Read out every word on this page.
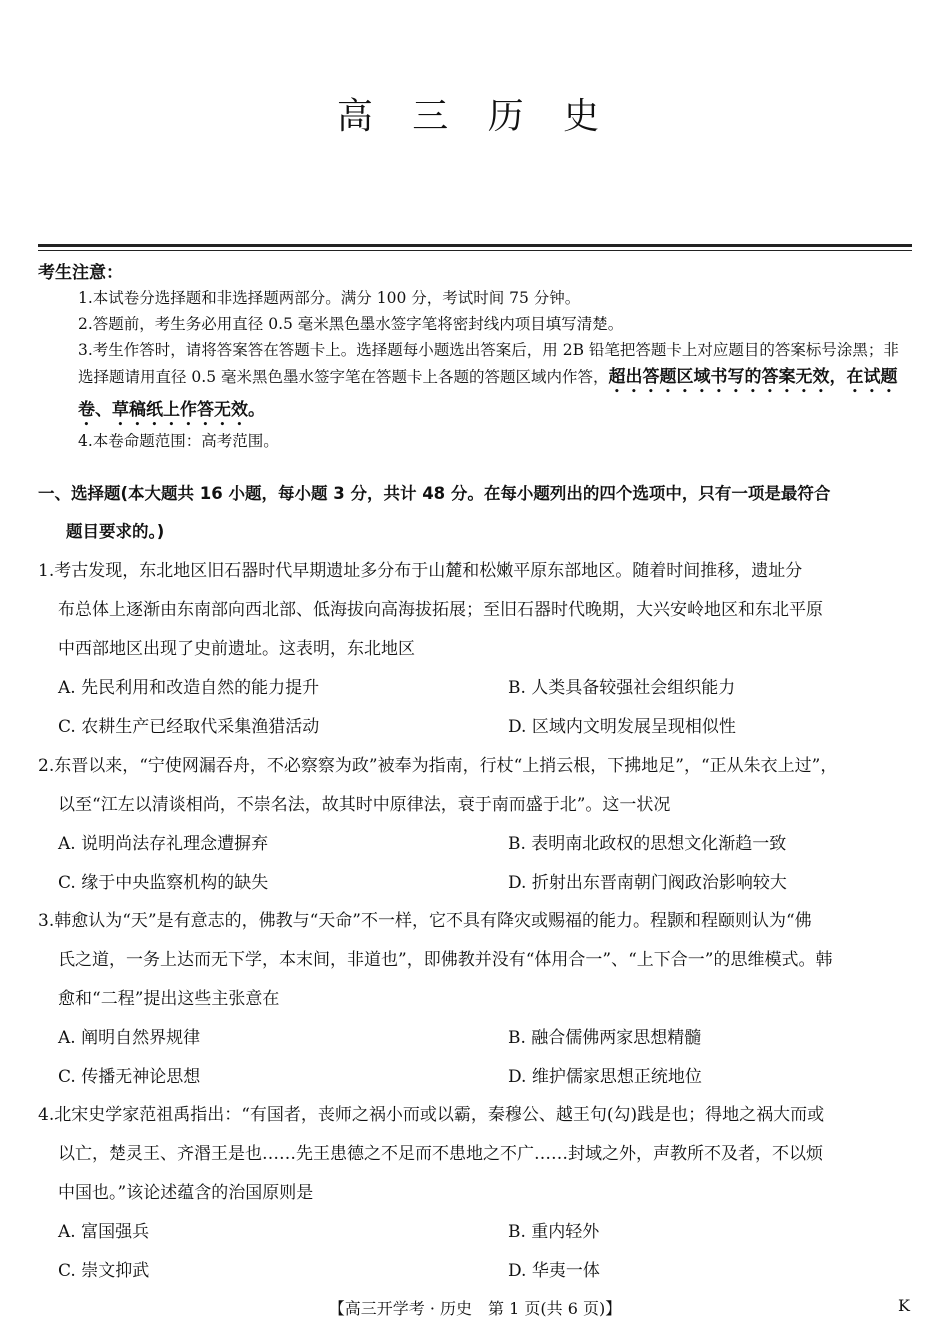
高 三 历 史
考生注意：
1.本试卷分选择题和非选择题两部分。满分 100 分，考试时间 75 分钟。
2.答题前，考生务必用直径 0.5 毫米黑色墨水签字笔将密封线内项目填写清楚。
3.考生作答时，请将答案答在答题卡上。选择题每小题选出答案后，用 2B 铅笔把答题卡上对应题目的答案标号涂黑；非选择题请用直径 0.5 毫米黑色墨水签字笔在答题卡上各题的答题区域内作答，超出答题区域书写的答案无效，在试题卷、草稿纸上作答无效。
4.本卷命题范围：高考范围。
一、选择题(本大题共 16 小题，每小题 3 分，共计 48 分。在每小题列出的四个选项中，只有一项是最符合
题目要求的。)
1.考古发现，东北地区旧石器时代早期遗址多分布于山麓和松嫩平原东部地区。随着时间推移，遗址分
布总体上逐渐由东南部向西北部、低海拔向高海拔拓展；至旧石器时代晚期，大兴安岭地区和东北平原
中西部地区出现了史前遗址。这表明，东北地区
A. 先民利用和改造自然的能力提升	B. 人类具备较强社会组织能力
C. 农耕生产已经取代采集渔猎活动	D. 区域内文明发展呈现相似性
2.东晋以来，“宁使网漏吞舟，不必察察为政”被奉为指南，行杖“上捎云根，下拂地足”，“正从朱衣上过”，
以至“江左以清谈相尚，不崇名法，故其时中原律法，衰于南而盛于北”。这一状况
A. 说明尚法存礼理念遭摒弃	B. 表明南北政权的思想文化渐趋一致
C. 缘于中央监察机构的缺失	D. 折射出东晋南朝门阀政治影响较大
3.韩愈认为“天”是有意志的，佛教与“天命”不一样，它不具有降灾或赐福的能力。程颢和程颐则认为“佛
氏之道，一务上达而无下学，本末间，非道也”，即佛教并没有“体用合一”、“上下合一”的思维模式。韩
愈和“二程”提出这些主张意在
A. 阐明自然界规律	B. 融合儒佛两家思想精髓
C. 传播无神论思想	D. 维护儒家思想正统地位
4.北宋史学家范祖禹指出：“有国者，丧师之祸小而或以霸，秦穆公、越王句(勾)践是也；得地之祸大而或
以亡，楚灵王、齐湣王是也……先王患德之不足而不患地之不广……封域之外，声教所不及者，不以烦
中国也。”该论述蕴含的治国原则是
A. 富国强兵	B. 重内轻外
C. 崇文抑武	D. 华夷一体
【高三开学考 · 历史　第 1 页(共 6 页)】	K
